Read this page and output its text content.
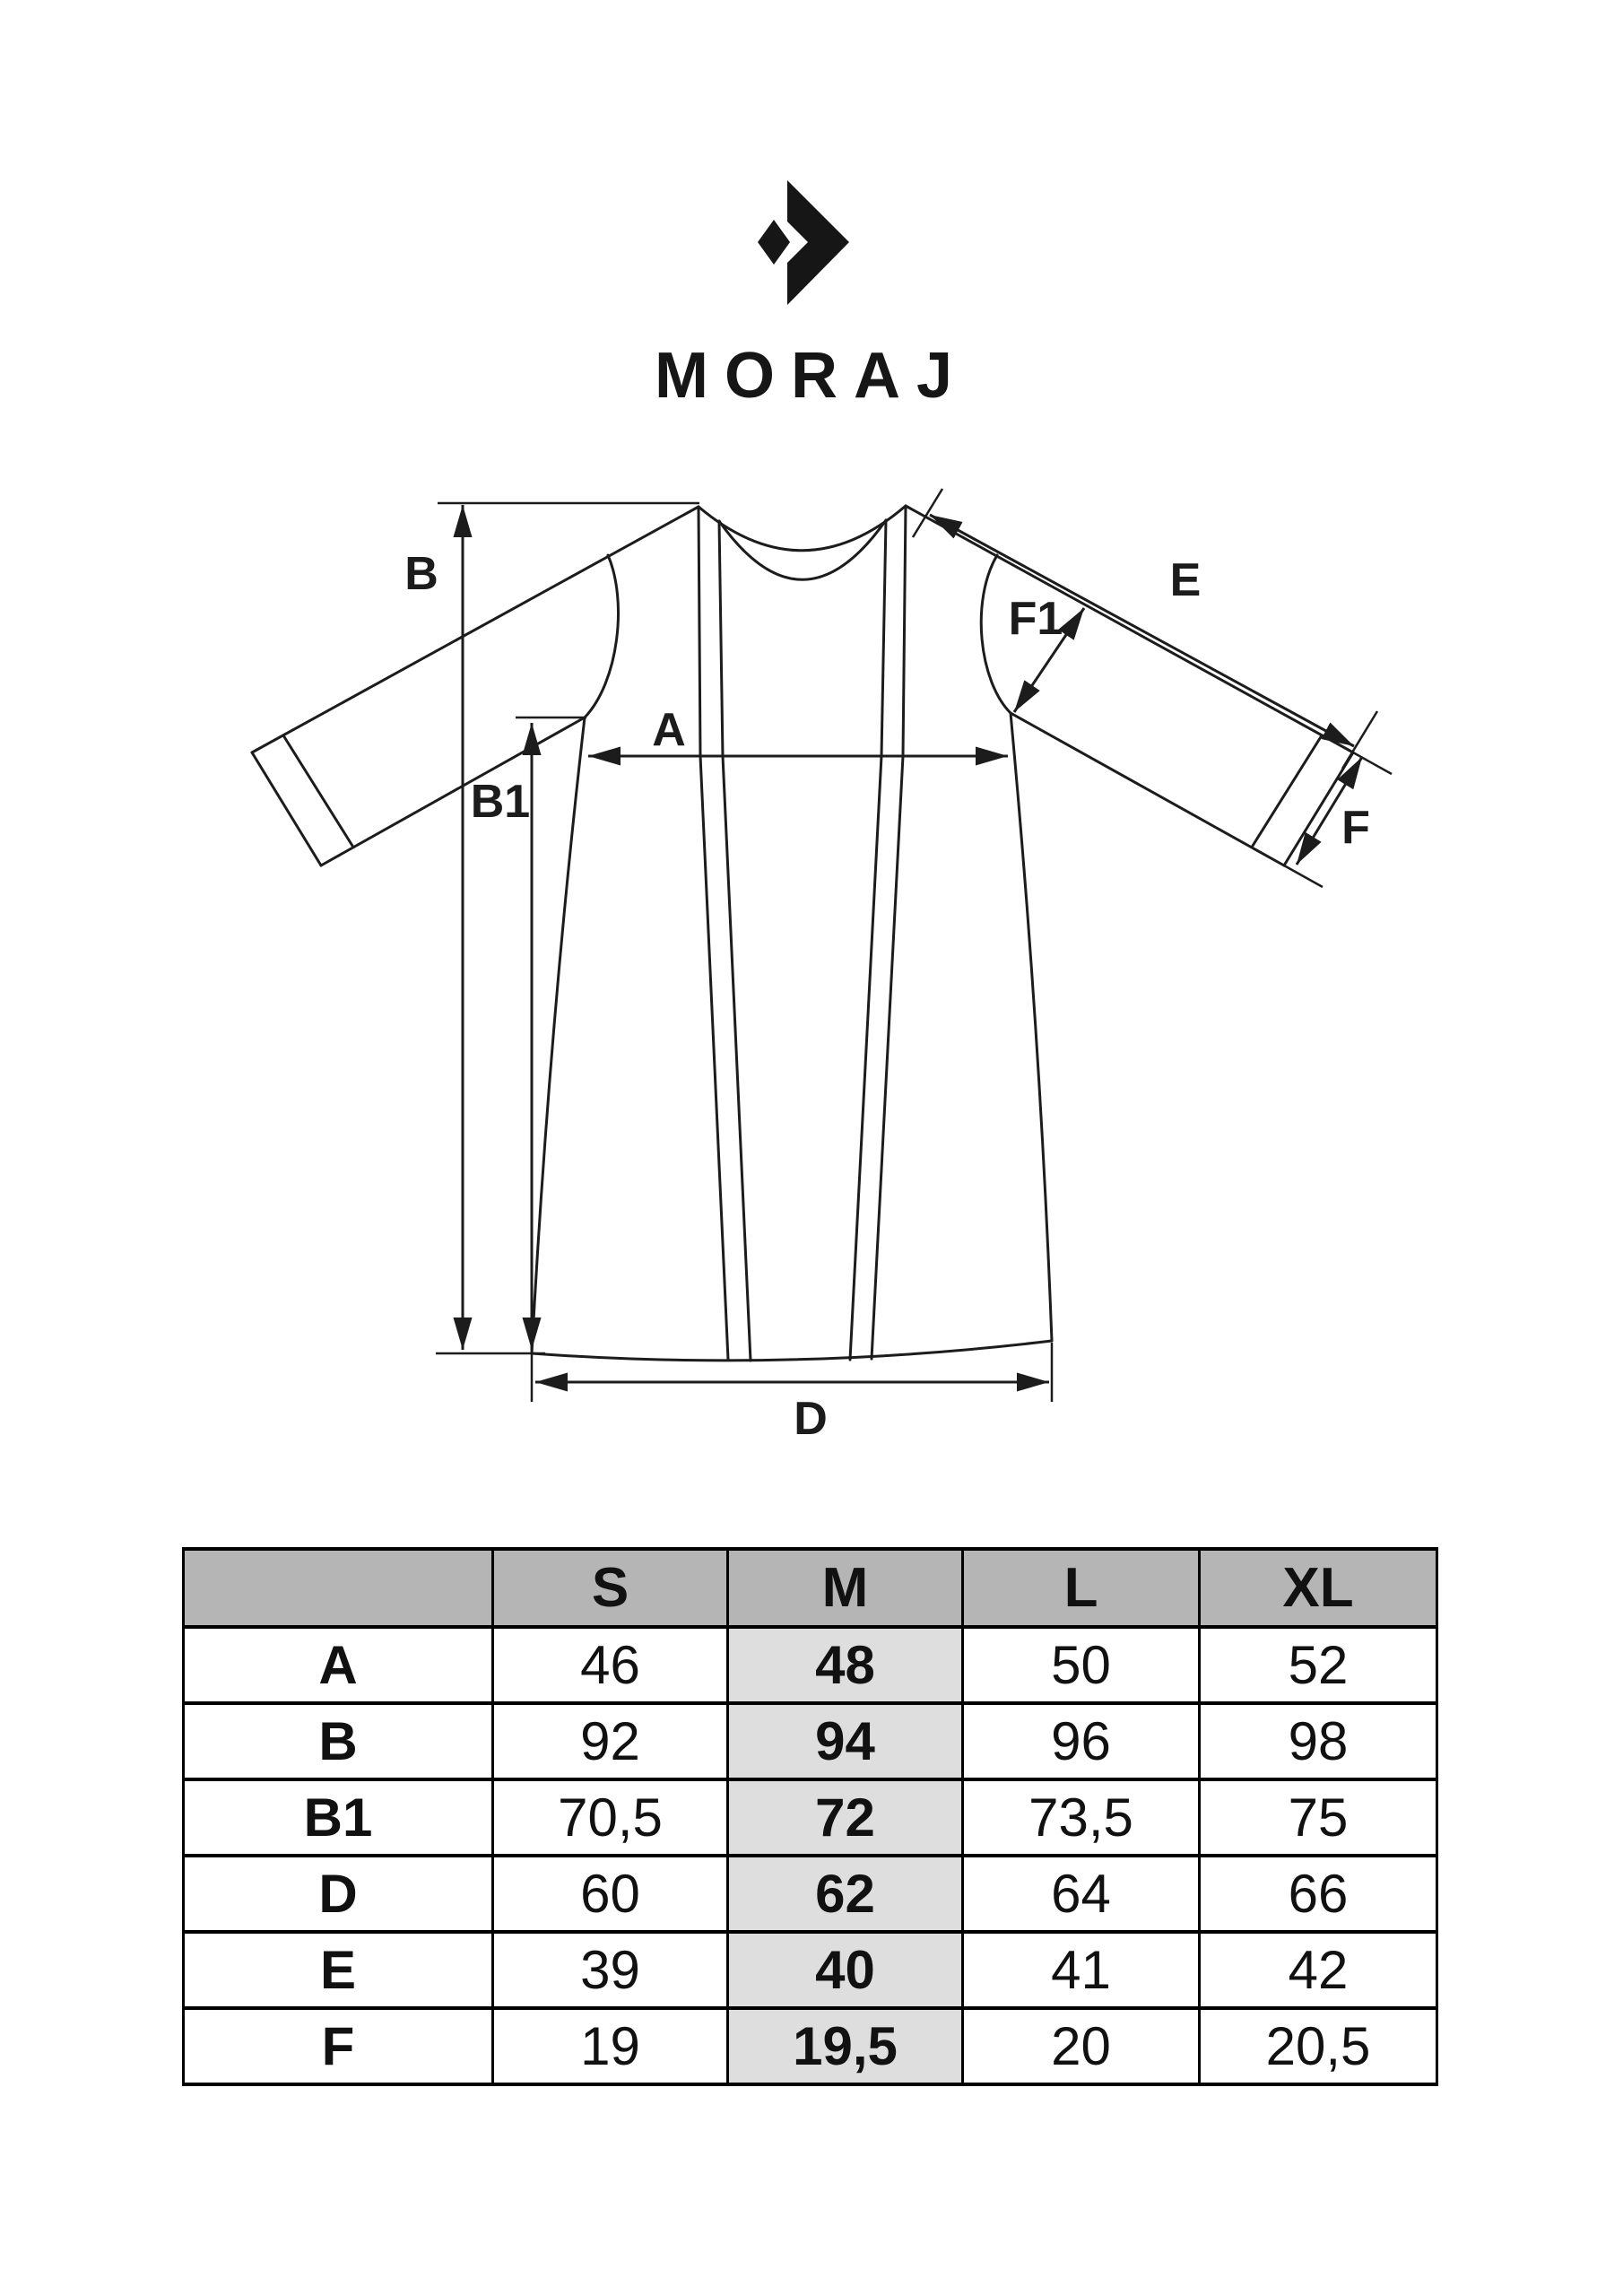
MORAJ
B
B1
A
D
E
F1
F
	S	M	L	XL
A	46	48	50	52
B	92	94	96	98
B1	70,5	72	73,5	75
D	60	62	64	66
E	39	40	41	42
F	19	19,5	20	20,5
